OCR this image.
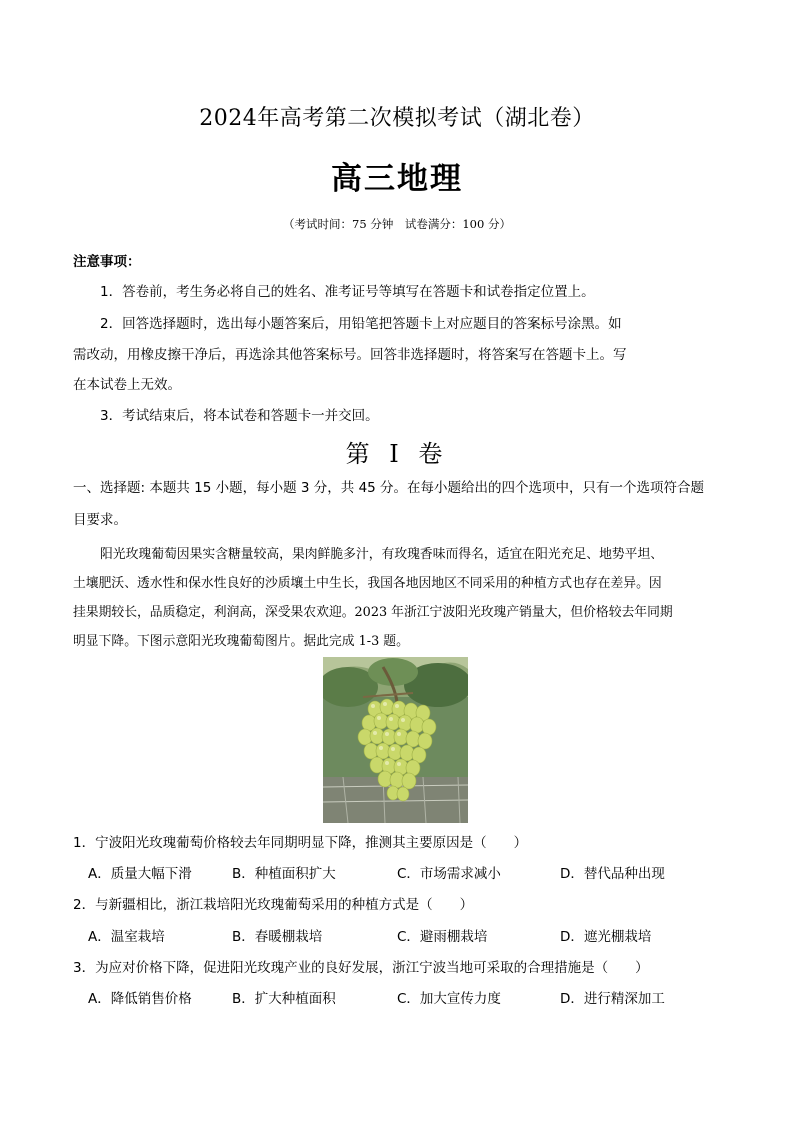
2024年高考第二次模拟考试（湖北卷）
高三地理
（考试时间：75 分钟　试卷满分：100 分）
注意事项：
1．答卷前，考生务必将自己的姓名、准考证号等填写在答题卡和试卷指定位置上。
2．回答选择题时，选出每小题答案后，用铅笔把答题卡上对应题目的答案标号涂黑。如
需改动，用橡皮擦干净后，再选涂其他答案标号。回答非选择题时，将答案写在答题卡上。写
在本试卷上无效。
3．考试结束后，将本试卷和答题卡一并交回。
第 I 卷
一、选择题: 本题共 15 小题，每小题 3 分，共 45 分。在每小题给出的四个选项中，只有一个选项符合题
目要求。
阳光玫瑰葡萄因果实含糖量较高，果肉鲜脆多汁，有玫瑰香味而得名，适宜在阳光充足、地势平坦、
土壤肥沃、透水性和保水性良好的沙质壤土中生长，我国各地因地区不同采用的种植方式也存在差异。因
挂果期较长，品质稳定，利润高，深受果农欢迎。2023 年浙江宁波阳光玫瑰产销量大，但价格较去年同期
明显下降。下图示意阳光玫瑰葡萄图片。据此完成 1-3 题。
1．宁波阳光玫瑰葡萄价格较去年同期明显下降，推测其主要原因是（　　）
A．质量大幅下滑	B．种植面积扩大	C．市场需求减小	D．替代品种出现
2．与新疆相比，浙江栽培阳光玫瑰葡萄采用的种植方式是（　　）
A．温室栽培	B．春暖棚栽培	C．避雨棚栽培	D．遮光棚栽培
3．为应对价格下降，促进阳光玫瑰产业的良好发展，浙江宁波当地可采取的合理措施是（　　）
A．降低销售价格	B．扩大种植面积	C．加大宣传力度	D．进行精深加工
